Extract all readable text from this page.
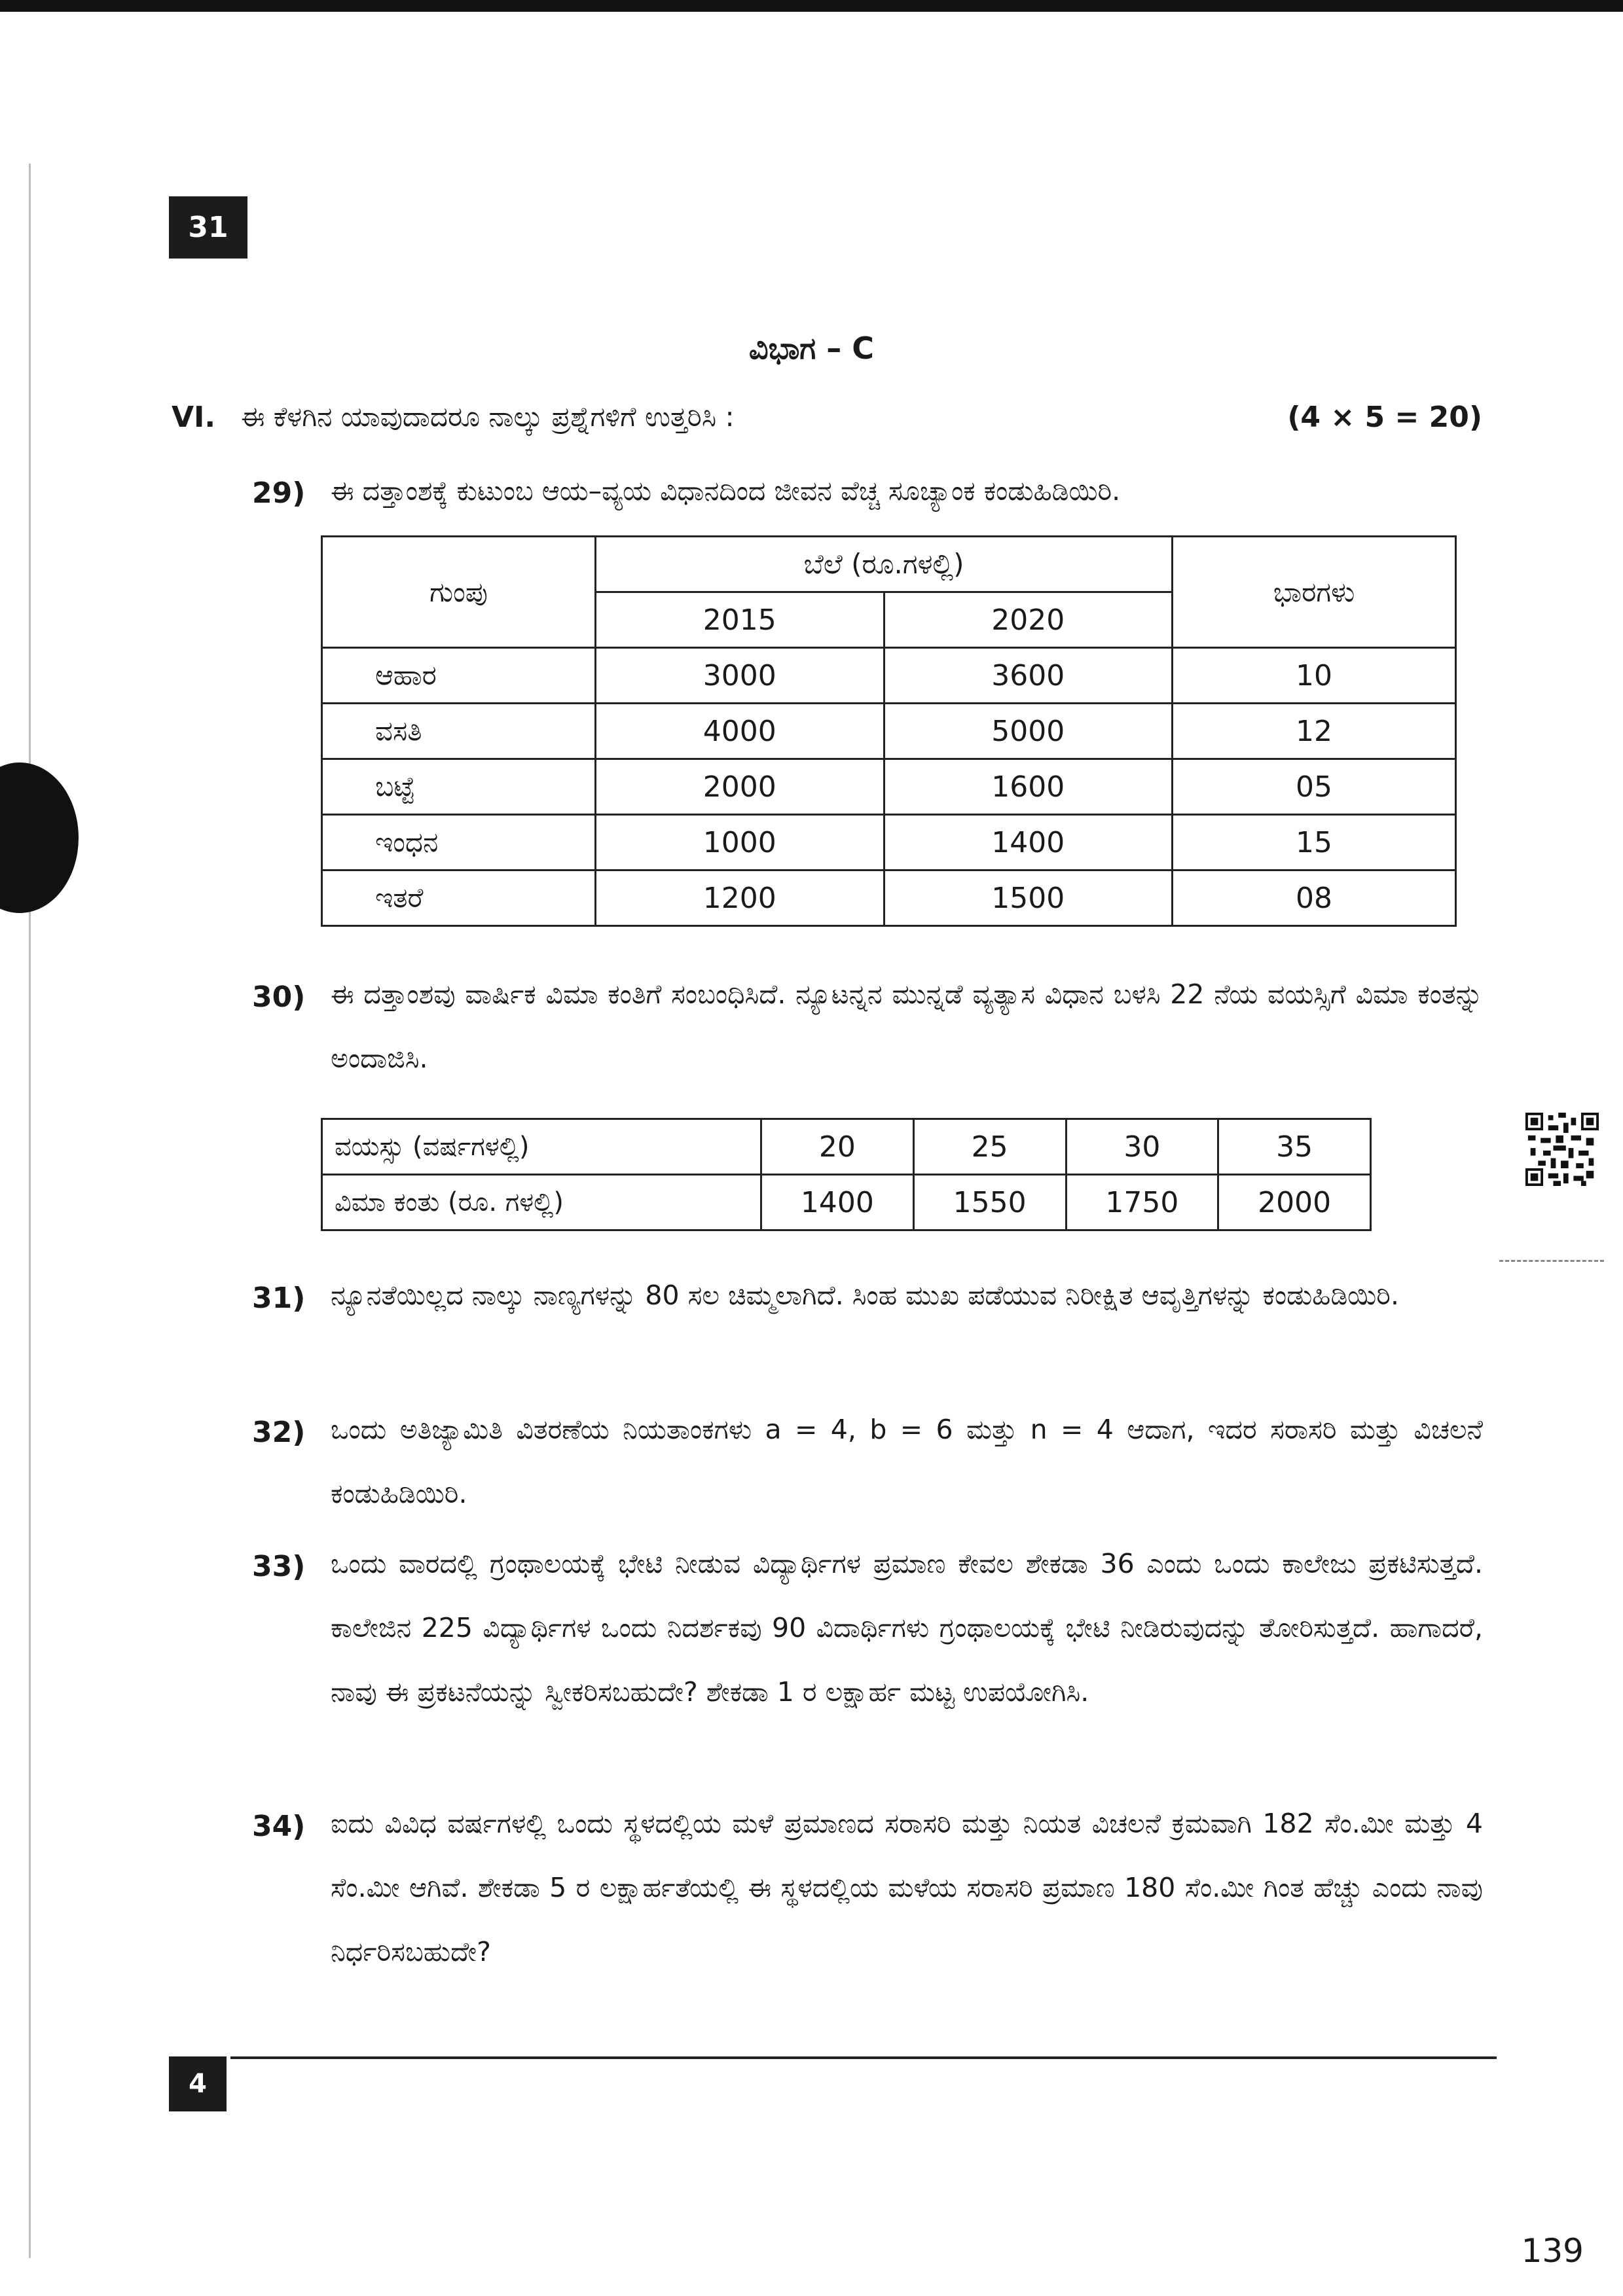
31
ವಿಭಾಗ – C
VI. ಈ ಕೆಳಗಿನ ಯಾವುದಾದರೂ ನಾಲ್ಕು ಪ್ರಶ್ನೆಗಳಿಗೆ ಉತ್ತರಿಸಿ :	(4 × 5 = 20)
29) ಈ ದತ್ತಾಂಶಕ್ಕೆ ಕುಟುಂಬ ಆಯ–ವ್ಯಯ ವಿಧಾನದಿಂದ ಜೀವನ ವೆಚ್ಚ ಸೂಚ್ಯಾಂಕ ಕಂಡುಹಿಡಿಯಿರಿ.
ಗುಂಪು	ಬೆಲೆ (ರೂ.ಗಳಲ್ಲಿ)		ಭಾರಗಳು
	2015	2020	
ಆಹಾರ	3000	3600	10
ವಸತಿ	4000	5000	12
ಬಟ್ಟೆ	2000	1600	05
ಇಂಧನ	1000	1400	15
ಇತರೆ	1200	1500	08
30) ಈ ದತ್ತಾಂಶವು ವಾರ್ಷಿಕ ವಿಮಾ ಕಂತಿಗೆ ಸಂಬಂಧಿಸಿದೆ. ನ್ಯೂಟನ್ನನ ಮುನ್ನಡೆ ವ್ಯತ್ಯಾಸ ವಿಧಾನ ಬಳಸಿ 22 ನೆಯ ವಯಸ್ಸಿಗೆ ವಿಮಾ ಕಂತನ್ನು ಅಂದಾಜಿಸಿ.
ವಯಸ್ಸು (ವರ್ಷಗಳಲ್ಲಿ)	20	25	30	35
ವಿಮಾ ಕಂತು (ರೂ. ಗಳಲ್ಲಿ)	1400	1550	1750	2000
31) ನ್ಯೂನತೆಯಿಲ್ಲದ ನಾಲ್ಕು ನಾಣ್ಯಗಳನ್ನು 80 ಸಲ ಚಿಮ್ಮಲಾಗಿದೆ. ಸಿಂಹ ಮುಖ ಪಡೆಯುವ ನಿರೀಕ್ಷಿತ ಆವೃತ್ತಿಗಳನ್ನು ಕಂಡುಹಿಡಿಯಿರಿ.
32) ಒಂದು ಅತಿಜ್ಯಾಮಿತಿ ವಿತರಣೆಯ ನಿಯತಾಂಕಗಳು a = 4, b = 6 ಮತ್ತು n = 4 ಆದಾಗ, ಇದರ ಸರಾಸರಿ ಮತ್ತು ವಿಚಲನೆ ಕಂಡುಹಿಡಿಯಿರಿ.
33) ಒಂದು ವಾರದಲ್ಲಿ ಗ್ರಂಥಾಲಯಕ್ಕೆ ಭೇಟಿ ನೀಡುವ ವಿದ್ಯಾರ್ಥಿಗಳ ಪ್ರಮಾಣ ಕೇವಲ ಶೇಕಡಾ 36 ಎಂದು ಒಂದು ಕಾಲೇಜು ಪ್ರಕಟಿಸುತ್ತದೆ. ಕಾಲೇಜಿನ 225 ವಿದ್ಯಾರ್ಥಿಗಳ ಒಂದು ನಿದರ್ಶಕವು 90 ವಿದಾರ್ಥಿಗಳು ಗ್ರಂಥಾಲಯಕ್ಕೆ ಭೇಟಿ ನೀಡಿರುವುದನ್ನು ತೋರಿಸುತ್ತದೆ. ಹಾಗಾದರೆ, ನಾವು ಈ ಪ್ರಕಟನೆಯನ್ನು ಸ್ವೀಕರಿಸಬಹುದೇ? ಶೇಕಡಾ 1 ರ ಲಕ್ಷಾರ್ಹ ಮಟ್ಟ ಉಪಯೋಗಿಸಿ.
34) ಐದು ವಿವಿಧ ವರ್ಷಗಳಲ್ಲಿ ಒಂದು ಸ್ಥಳದಲ್ಲಿಯ ಮಳೆ ಪ್ರಮಾಣದ ಸರಾಸರಿ ಮತ್ತು ನಿಯತ ವಿಚಲನೆ ಕ್ರಮವಾಗಿ 182 ಸೆಂ.ಮೀ ಮತ್ತು 4 ಸೆಂ.ಮೀ ಆಗಿವೆ. ಶೇಕಡಾ 5 ರ ಲಕ್ಷಾರ್ಹತೆಯಲ್ಲಿ ಈ ಸ್ಥಳದಲ್ಲಿಯ ಮಳೆಯ ಸರಾಸರಿ ಪ್ರಮಾಣ 180 ಸೆಂ.ಮೀ ಗಿಂತ ಹೆಚ್ಚು ಎಂದು ನಾವು ನಿರ್ಧರಿಸಬಹುದೇ?
4
139
